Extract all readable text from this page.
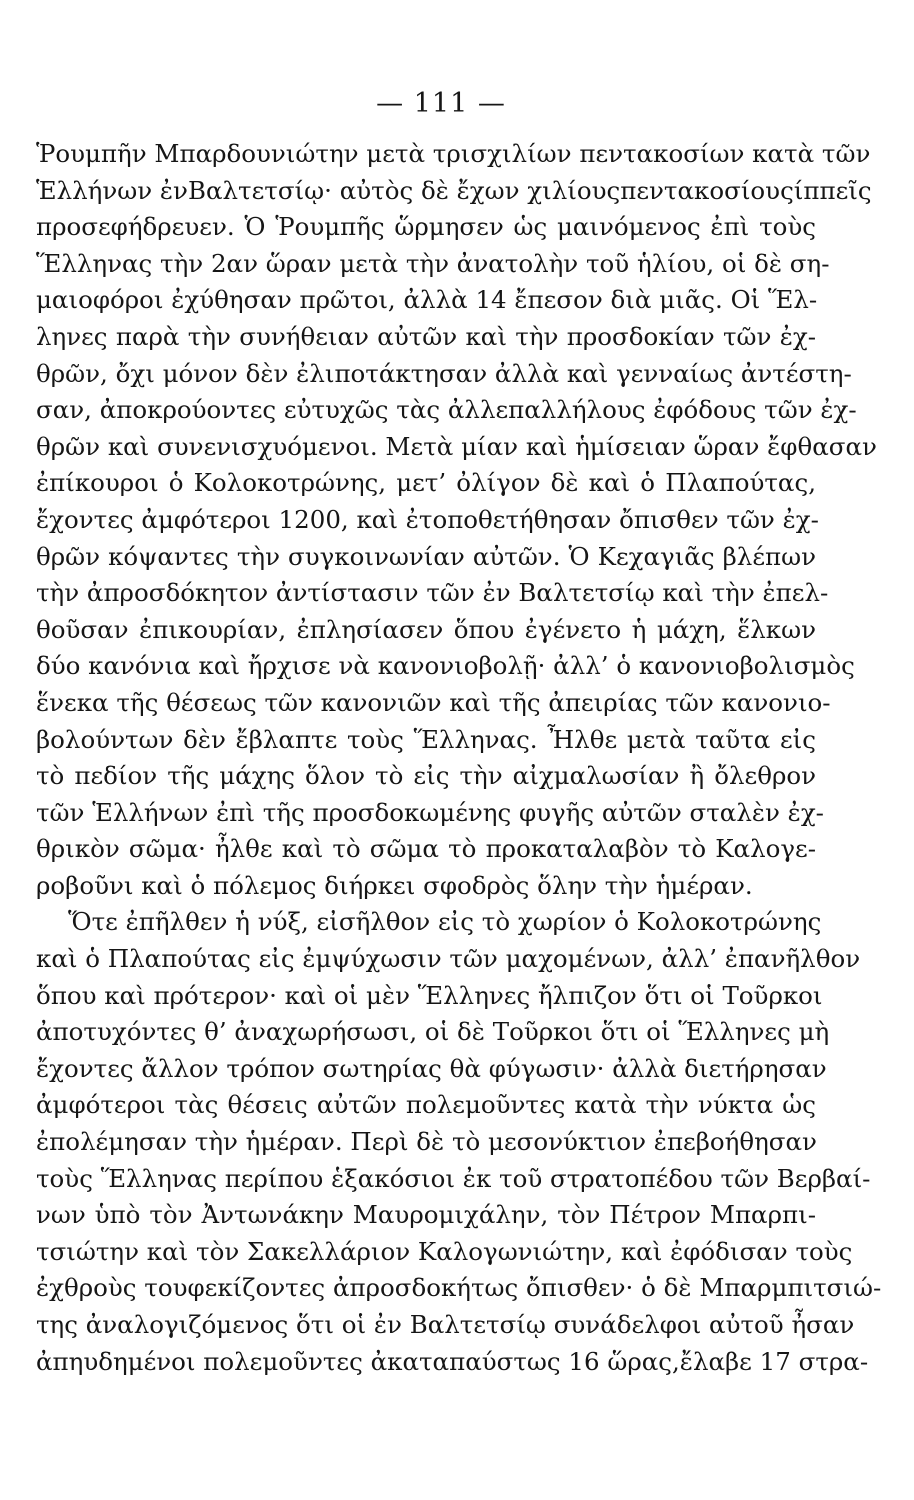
— 111 —
Ῥουμπῆν Μπαρδουνιώτην μετὰ τρισχιλίων πεντακοσίων κατὰ τῶν
Ἑλλήνων ἐνΒαλτετσίῳ· αὐτὸς δὲ ἔχων χιλίουςπεντακοσίουςίππεῖς
προσεφήδρευεν. Ὁ Ῥουμπῆς ὥρμησεν ὡς μαινόμενος ἐπὶ τοὺς
Ἕλληνας τὴν 2αν ὥραν μετὰ τὴν ἀνατολὴν τοῦ ἡλίου, οἱ δὲ ση-
μαιοφόροι ἐχύθησαν πρῶτοι, ἀλλὰ 14 ἔπεσον διὰ μιᾶς. Οἱ Ἕλ-
ληνες παρὰ τὴν συνήθειαν αὐτῶν καὶ τὴν προσδοκίαν τῶν ἐχ-
θρῶν, ὄχι μόνον δὲν ἐλιποτάκτησαν ἀλλὰ καὶ γενναίως ἀντέστη-
σαν, ἀποκρούοντες εὐτυχῶς τὰς ἀλλεπαλλήλους ἐφόδους τῶν ἐχ-
θρῶν καὶ συνενισχυόμενοι. Μετὰ μίαν καὶ ἡμίσειαν ὥραν ἔφθασαν
ἐπίκουροι ὁ Κολοκοτρώνης, μετ’ ὀλίγον δὲ καὶ ὁ Πλαπούτας,
ἔχοντες ἀμφότεροι 1200, καὶ ἐτοποθετήθησαν ὄπισθεν τῶν ἐχ-
θρῶν κόψαντες τὴν συγκοινωνίαν αὐτῶν. Ὁ Κεχαγιᾶς βλέπων
τὴν ἀπροσδόκητον ἀντίστασιν τῶν ἐν Βαλτετσίῳ καὶ τὴν ἐπελ-
θοῦσαν ἐπικουρίαν, ἐπλησίασεν ὅπου ἐγένετο ἡ μάχη, ἕλκων
δύο κανόνια καὶ ἤρχισε νὰ κανονιοβολῇ· ἀλλ’ ὁ κανονιοβολισμὸς
ἕνεκα τῆς θέσεως τῶν κανονιῶν καὶ τῆς ἀπειρίας τῶν κανονιο-
βολούντων δὲν ἔβλαπτε τοὺς Ἕλληνας. Ἦλθε μετὰ ταῦτα εἰς
τὸ πεδίον τῆς μάχης ὅλον τὸ εἰς τὴν αἰχμαλωσίαν ἢ ὄλεθρον
τῶν Ἑλλήνων ἐπὶ τῆς προσδοκωμένης φυγῆς αὐτῶν σταλὲν ἐχ-
θρικὸν σῶμα· ἦλθε καὶ τὸ σῶμα τὸ προκαταλαβὸν τὸ Καλογε-
ροβοῦνι καὶ ὁ πόλεμος διήρκει σφοδρὸς ὅλην τὴν ἡμέραν.
Ὅτε ἐπῆλθεν ἡ νύξ, εἰσῆλθον εἰς τὸ χωρίον ὁ Κολοκοτρώνης
καὶ ὁ Πλαπούτας εἰς ἐμψύχωσιν τῶν μαχομένων, ἀλλ’ ἐπανῆλθον
ὅπου καὶ πρότερον· καὶ οἱ μὲν Ἕλληνες ἤλπιζον ὅτι οἱ Τοῦρκοι
ἀποτυχόντες θ’ ἀναχωρήσωσι, οἱ δὲ Τοῦρκοι ὅτι οἱ Ἕλληνες μὴ
ἔχοντες ἄλλον τρόπον σωτηρίας θὰ φύγωσιν· ἀλλὰ διετήρησαν
ἀμφότεροι τὰς θέσεις αὐτῶν πολεμοῦντες κατὰ τὴν νύκτα ὡς
ἐπολέμησαν τὴν ἡμέραν. Περὶ δὲ τὸ μεσονύκτιον ἐπεβοήθησαν
τοὺς Ἕλληνας περίπου ἑξακόσιοι ἐκ τοῦ στρατοπέδου τῶν Βερβαί-
νων ὑπὸ τὸν Ἀντωνάκην Μαυρομιχάλην, τὸν Πέτρον Μπαρπι-
τσιώτην καὶ τὸν Σακελλάριον Καλογωνιώτην, καὶ ἐφόδισαν τοὺς
ἐχθροὺς τουφεκίζοντες ἀπροσδοκήτως ὄπισθεν· ὁ δὲ Μπαρμπιτσιώ-
της ἀναλογιζόμενος ὅτι οἱ ἐν Βαλτετσίῳ συνάδελφοι αὐτοῦ ἦσαν
ἀπηυδημένοι πολεμοῦντες ἀκαταπαύστως 16 ὥρας,ἔλαβε 17 στρα-
